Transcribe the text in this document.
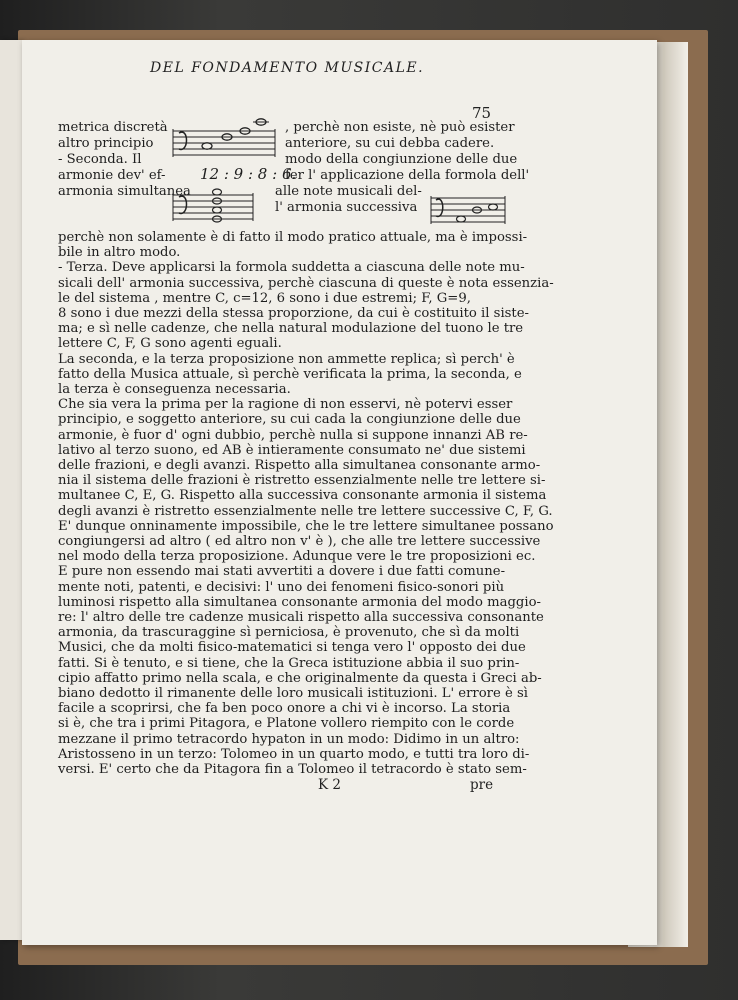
DEL FONDAMENTO MUSICALE.
75
12 : 9 : 8 : 6.
metrica discretà
altro principio
- Seconda. Il
armonie dev' ef-
armonia simultanea
, perchè non esiste, nè può esister
anteriore, su cui debba cadere.
modo della congiunzione delle due
fer l' applicazione della formola dell'
alle note musicali del-
l' armonia successiva
perchè non solamente è di fatto il modo pratico attuale, ma è impossi-
bile in altro modo.
- Terza. Deve applicarsi la formola suddetta a ciascuna delle note mu-
sicali dell' armonia successiva, perchè ciascuna di queste è nota essenzia-
le del sistema , mentre C, c=12, 6 sono i due estremi; F, G=9,
8 sono i due mezzi della stessa proporzione, da cui è costituito il siste-
ma; e sì nelle cadenze, che nella natural modulazione del tuono le tre
lettere C, F, G sono agenti eguali.
La seconda, e la terza proposizione non ammette replica; sì perch' è
fatto della Musica attuale, sì perchè verificata la prima, la seconda, e
la terza è conseguenza necessaria.
Che sia vera la prima per la ragione di non esservi, nè potervi esser
principio, e soggetto anteriore, su cui cada la congiunzione delle due
armonie, è fuor d' ogni dubbio, perchè nulla si suppone innanzi AB re-
lativo al terzo suono, ed AB è intieramente consumato ne' due sistemi
delle frazioni, e degli avanzi. Rispetto alla simultanea consonante armo-
nia il sistema delle frazioni è ristretto essenzialmente nelle tre lettere si-
multanee C, E, G. Rispetto alla successiva consonante armonia il sistema
degli avanzi è ristretto essenzialmente nelle tre lettere successive C, F, G.
E' dunque onninamente impossibile, che le tre lettere simultanee possano
congiungersi ad altro ( ed altro non v' è ), che alle tre lettere successive
nel modo della terza proposizione. Adunque vere le tre proposizioni ec.
E pure non essendo mai stati avvertiti a dovere i due fatti comune-
mente noti, patenti, e decisivi: l' uno dei fenomeni fisico-sonori più
luminosi rispetto alla simultanea consonante armonia del modo maggio-
re: l' altro delle tre cadenze musicali rispetto alla successiva consonante
armonia, da trascuraggine sì perniciosa, è provenuto, che sì da molti
Musici, che da molti fisico-matematici si tenga vero l' opposto dei due
fatti. Si è tenuto, e si tiene, che la Greca istituzione abbia il suo prin-
cipio affatto primo nella scala, e che originalmente da questa i Greci ab-
biano dedotto il rimanente delle loro musicali istituzioni. L' errore è sì
facile a scoprirsi, che fa ben poco onore a chi vi è incorso. La storia
si è, che tra i primi Pitagora, e Platone vollero riempito con le corde
mezzane il primo tetracordo hypaton in un modo: Didimo in un altro:
Aristosseno in un terzo: Tolomeo in un quarto modo, e tutti tra loro di-
versi. E' certo che da Pitagora fin a Tolomeo il tetracordo è stato sem-
K 2	pre
